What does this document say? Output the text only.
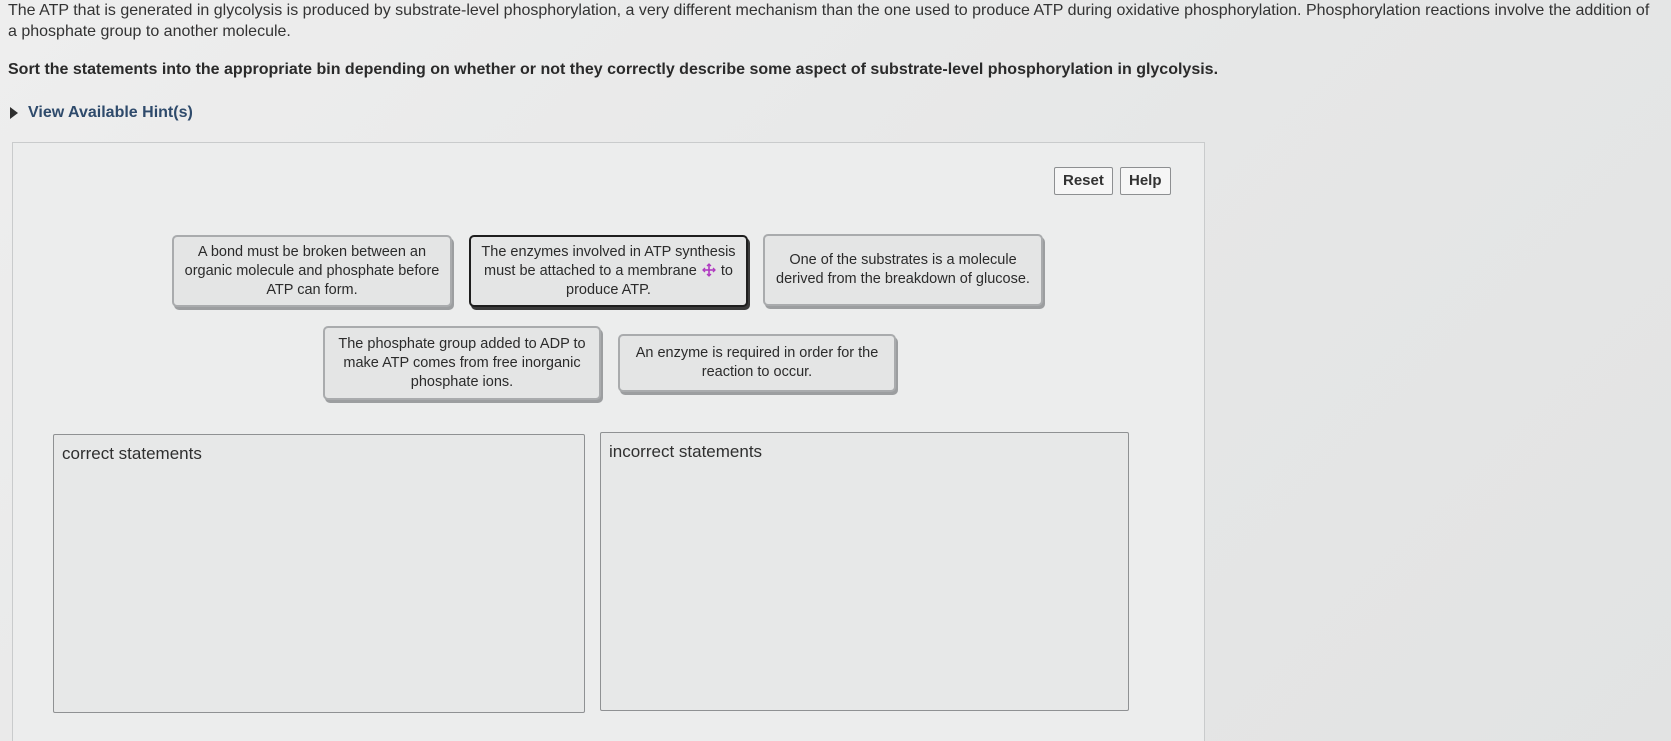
The ATP that is generated in glycolysis is produced by substrate-level phosphorylation, a very different mechanism than the one used to produce ATP during oxidative phosphorylation. Phosphorylation reactions involve the addition of a phosphate group to another molecule.
Sort the statements into the appropriate bin depending on whether or not they correctly describe some aspect of substrate-level phosphorylation in glycolysis.
View Available Hint(s)
Reset	Help
A bond must be broken between an organic molecule and phosphate before ATP can form.
The enzymes involved in ATP synthesis must be attached to a membrane to produce ATP.
One of the substrates is a molecule derived from the breakdown of glucose.
The phosphate group added to ADP to make ATP comes from free inorganic phosphate ions.
An enzyme is required in order for the reaction to occur.
correct statements	incorrect statements
